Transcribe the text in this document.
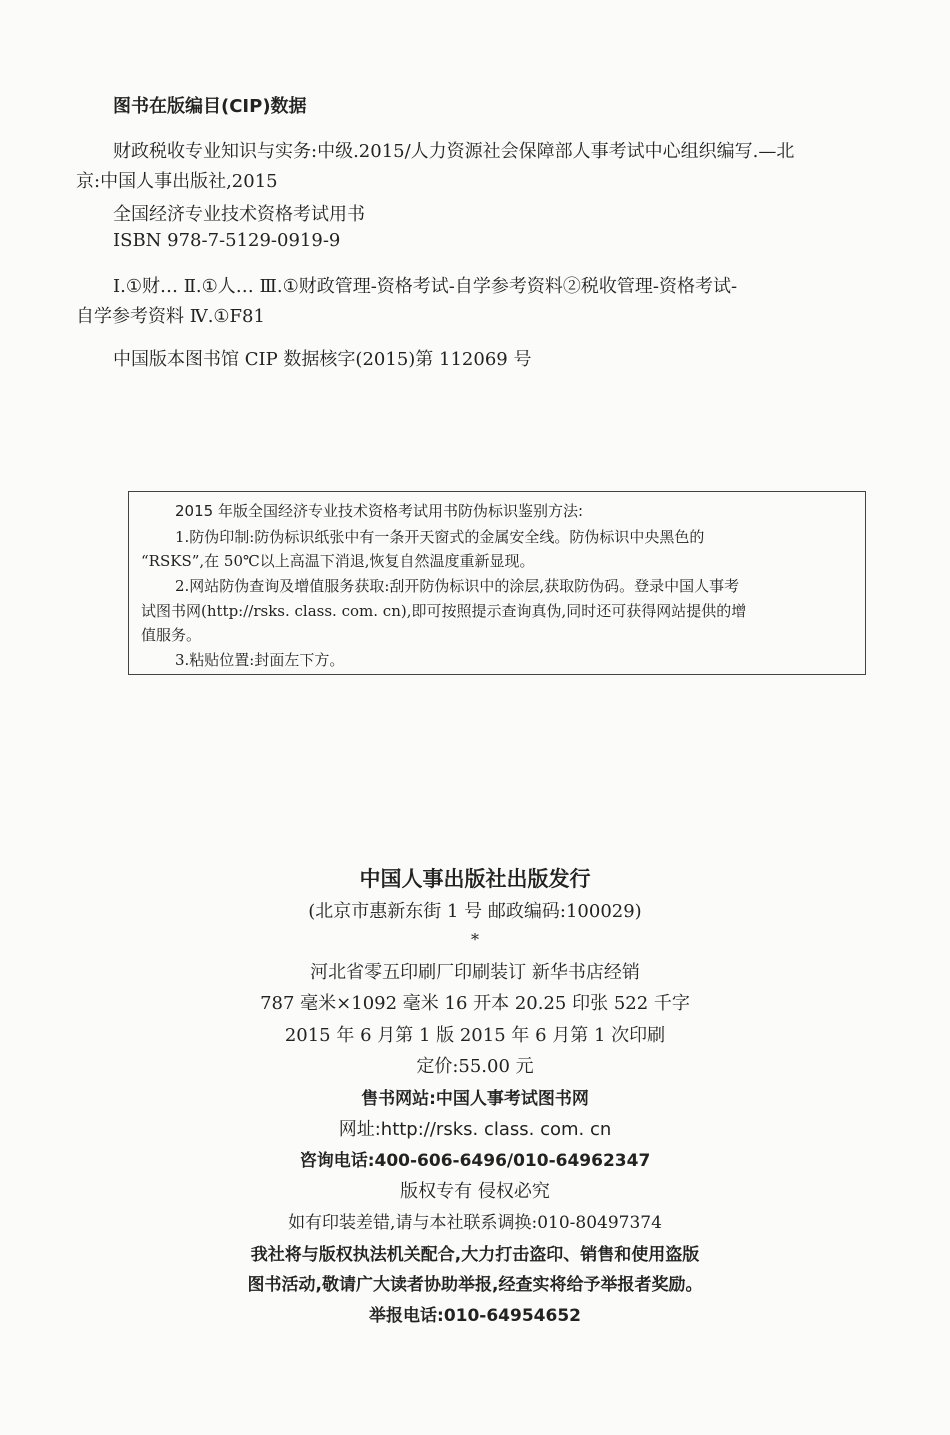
图书在版编目(CIP)数据
财政税收专业知识与实务:中级.2015/人力资源社会保障部人事考试中心组织编写.—北
京:中国人事出版社,2015
全国经济专业技术资格考试用书
ISBN 978-7-5129-0919-9
Ⅰ.①财… Ⅱ.①人… Ⅲ.①财政管理-资格考试-自学参考资料②税收管理-资格考试-
自学参考资料 Ⅳ.①F81
中国版本图书馆 CIP 数据核字(2015)第 112069 号
2015 年版全国经济专业技术资格考试用书防伪标识鉴别方法:
1.防伪印制:防伪标识纸张中有一条开天窗式的金属安全线。防伪标识中央黑色的
“RSKS”,在 50℃以上高温下消退,恢复自然温度重新显现。
2.网站防伪查询及增值服务获取:刮开防伪标识中的涂层,获取防伪码。登录中国人事考
试图书网(http://rsks. class. com. cn),即可按照提示查询真伪,同时还可获得网站提供的增
值服务。
3.粘贴位置:封面左下方。
中国人事出版社出版发行
(北京市惠新东街 1 号 邮政编码:100029)
*
河北省零五印刷厂印刷装订 新华书店经销
787 毫米×1092 毫米 16 开本 20.25 印张 522 千字
2015 年 6 月第 1 版 2015 年 6 月第 1 次印刷
定价:55.00 元
售书网站:中国人事考试图书网
网址:http://rsks. class. com. cn
咨询电话:400-606-6496/010-64962347
版权专有 侵权必究
如有印装差错,请与本社联系调换:010-80497374
我社将与版权执法机关配合,大力打击盗印、销售和使用盗版
图书活动,敬请广大读者协助举报,经查实将给予举报者奖励。
举报电话:010-64954652
